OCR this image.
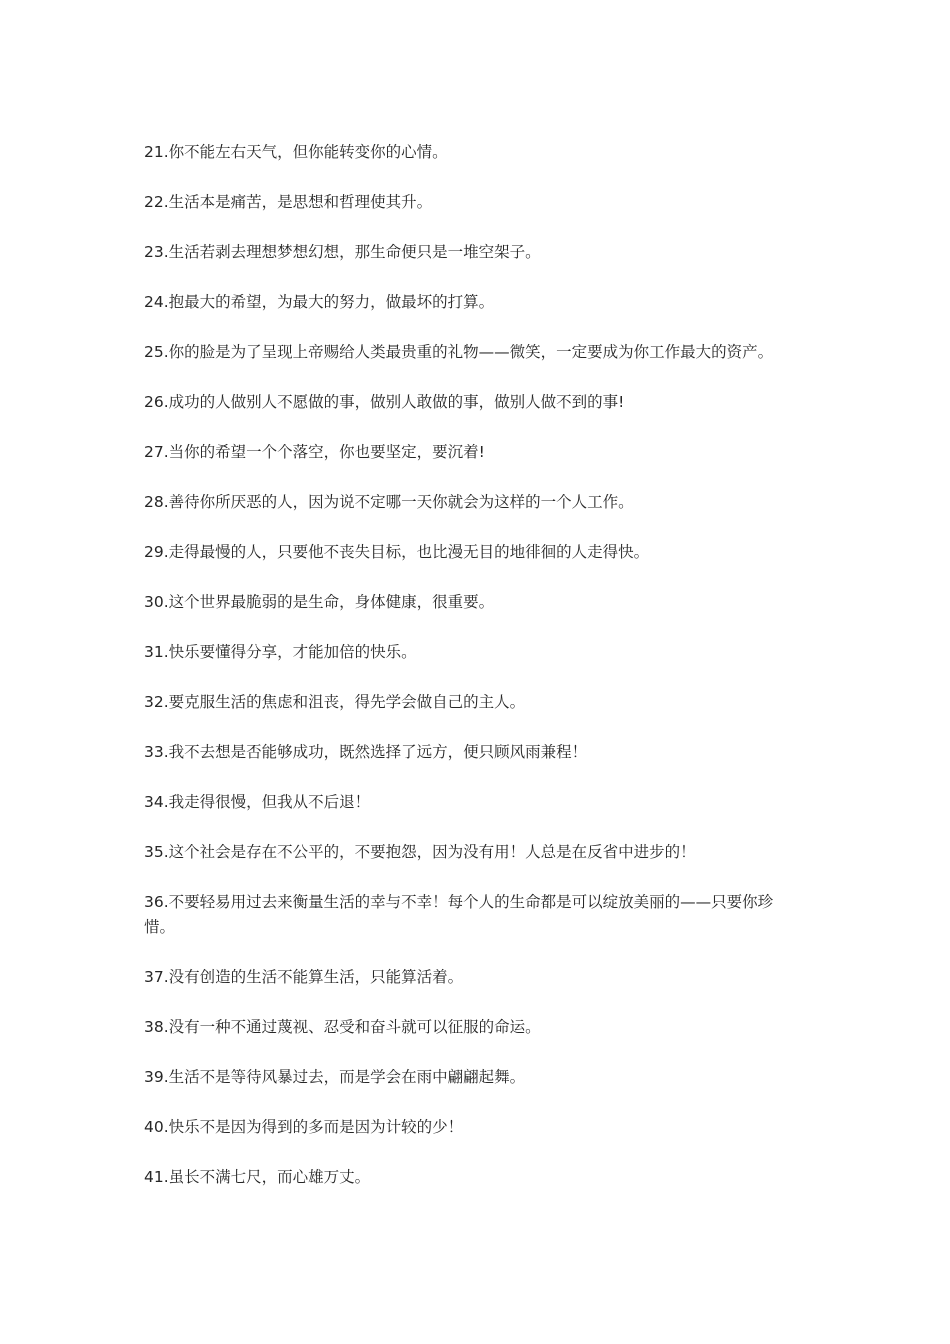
21.你不能左右天气，但你能转变你的心情。
22.生活本是痛苦，是思想和哲理使其升。
23.生活若剥去理想梦想幻想，那生命便只是一堆空架子。
24.抱最大的希望，为最大的努力，做最坏的打算。
25.你的脸是为了呈现上帝赐给人类最贵重的礼物——微笑，一定要成为你工作最大的资产。
26.成功的人做别人不愿做的事，做别人敢做的事，做别人做不到的事!
27.当你的希望一个个落空，你也要坚定，要沉着!
28.善待你所厌恶的人，因为说不定哪一天你就会为这样的一个人工作。
29.走得最慢的人，只要他不丧失目标，也比漫无目的地徘徊的人走得快。
30.这个世界最脆弱的是生命，身体健康，很重要。
31.快乐要懂得分享，才能加倍的快乐。
32.要克服生活的焦虑和沮丧，得先学会做自己的主人。
33.我不去想是否能够成功，既然选择了远方，便只顾风雨兼程！
34.我走得很慢，但我从不后退！
35.这个社会是存在不公平的，不要抱怨，因为没有用！人总是在反省中进步的！
36.不要轻易用过去来衡量生活的幸与不幸！每个人的生命都是可以绽放美丽的——只要你珍惜。
37.没有创造的生活不能算生活，只能算活着。
38.没有一种不通过蔑视、忍受和奋斗就可以征服的命运。
39.生活不是等待风暴过去，而是学会在雨中翩翩起舞。
40.快乐不是因为得到的多而是因为计较的少！
41.虽长不满七尺，而心雄万丈。
